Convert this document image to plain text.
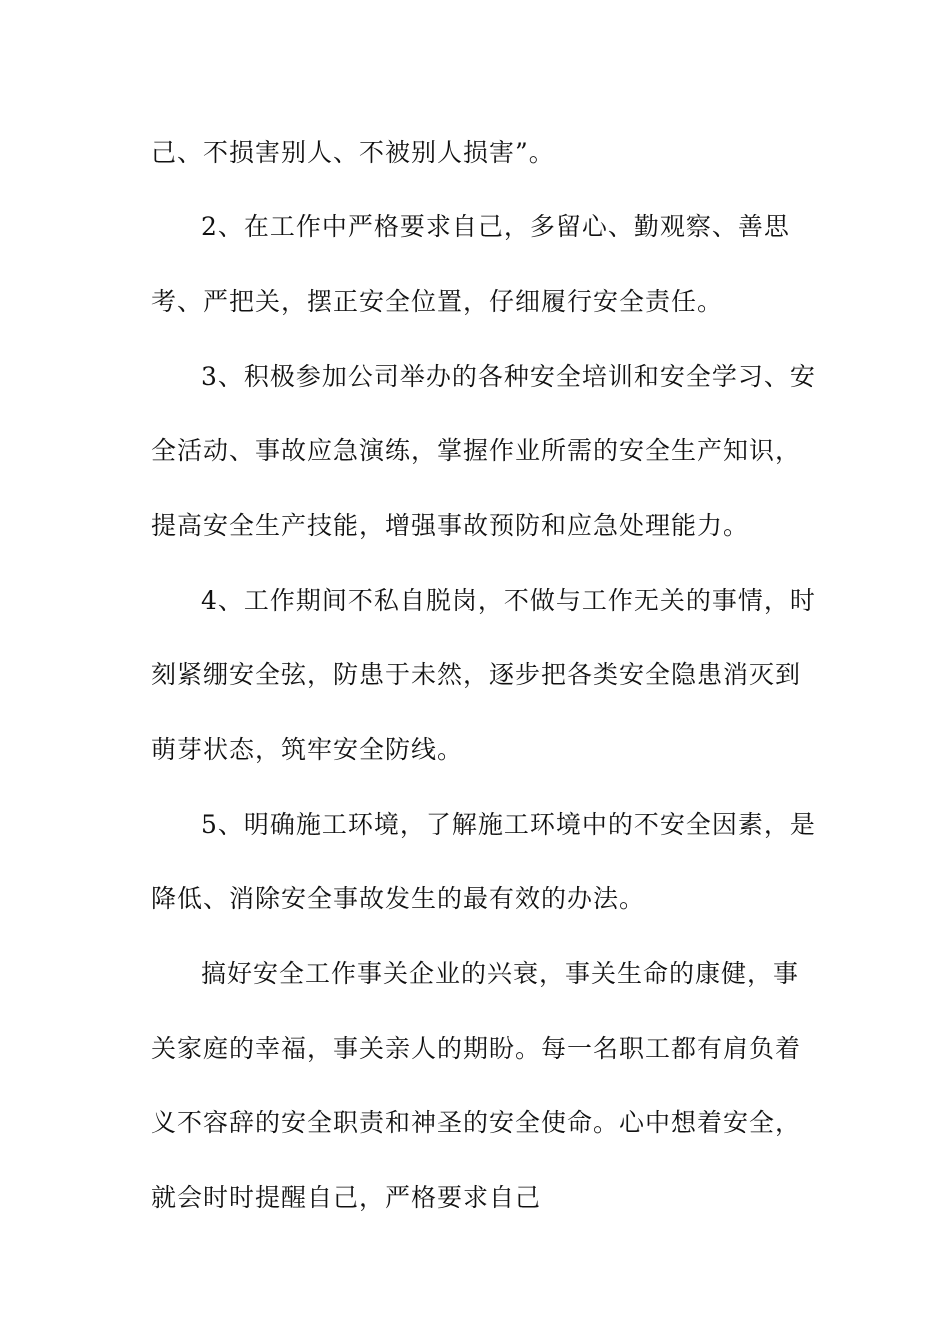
己、不损害别人、不被别人损害”。
2、在工作中严格要求自己，多留心、勤观察、善思
考、严把关，摆正安全位置，仔细履行安全责任。
3、积极参加公司举办的各种安全培训和安全学习、安
全活动、事故应急演练，掌握作业所需的安全生产知识，
提高安全生产技能，增强事故预防和应急处理能力。
4、工作期间不私自脱岗，不做与工作无关的事情，时
刻紧绷安全弦，防患于未然，逐步把各类安全隐患消灭到
萌芽状态，筑牢安全防线。
5、明确施工环境，了解施工环境中的不安全因素，是
降低、消除安全事故发生的最有效的办法。
搞好安全工作事关企业的兴衰，事关生命的康健，事
关家庭的幸福，事关亲人的期盼。每一名职工都有肩负着
义不容辞的安全职责和神圣的安全使命。心中想着安全，
就会时时提醒自己，严格要求自己
